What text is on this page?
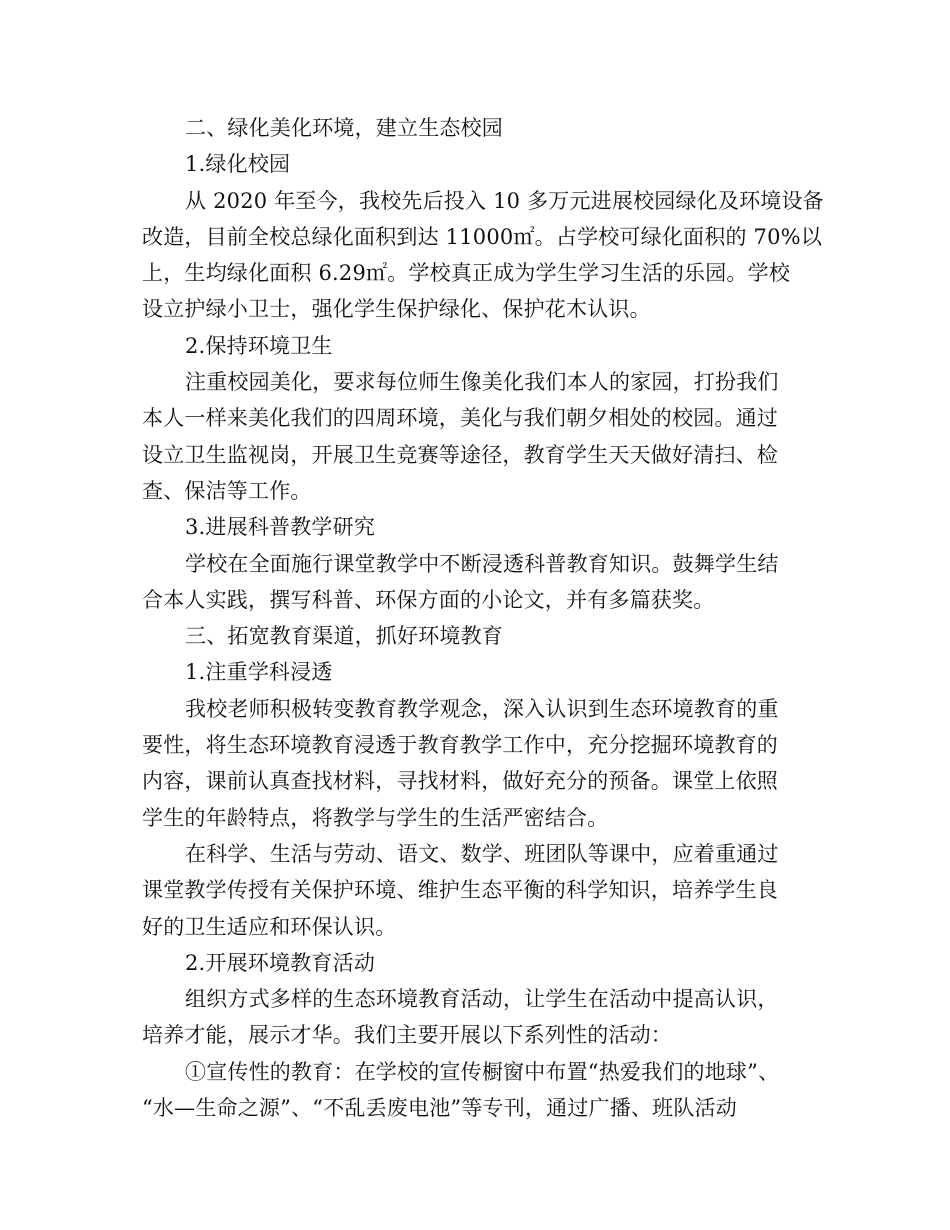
二、绿化美化环境，建立生态校园
1.绿化校园
从 2020 年至今，我校先后投入 10 多万元进展校园绿化及环境设备
改造，目前全校总绿化面积到达 11000㎡。占学校可绿化面积的 70%以
上，生均绿化面积 6.29㎡。学校真正成为学生学习生活的乐园。学校
设立护绿小卫士，强化学生保护绿化、保护花木认识。
2.保持环境卫生
注重校园美化，要求每位师生像美化我们本人的家园，打扮我们
本人一样来美化我们的四周环境，美化与我们朝夕相处的校园。通过
设立卫生监视岗，开展卫生竞赛等途径，教育学生天天做好清扫、检
查、保洁等工作。
3.进展科普教学研究
学校在全面施行课堂教学中不断浸透科普教育知识。鼓舞学生结
合本人实践，撰写科普、环保方面的小论文，并有多篇获奖。
三、拓宽教育渠道，抓好环境教育
1.注重学科浸透
我校老师积极转变教育教学观念，深入认识到生态环境教育的重
要性，将生态环境教育浸透于教育教学工作中，充分挖掘环境教育的
内容，课前认真查找材料，寻找材料，做好充分的预备。课堂上依照
学生的年龄特点，将教学与学生的生活严密结合。
在科学、生活与劳动、语文、数学、班团队等课中，应着重通过
课堂教学传授有关保护环境、维护生态平衡的科学知识，培养学生良
好的卫生适应和环保认识。
2.开展环境教育活动
组织方式多样的生态环境教育活动，让学生在活动中提高认识，
培养才能，展示才华。我们主要开展以下系列性的活动：
①宣传性的教育：在学校的宣传橱窗中布置“热爱我们的地球”、
“水—生命之源”、“不乱丢废电池”等专刊，通过广播、班队活动
